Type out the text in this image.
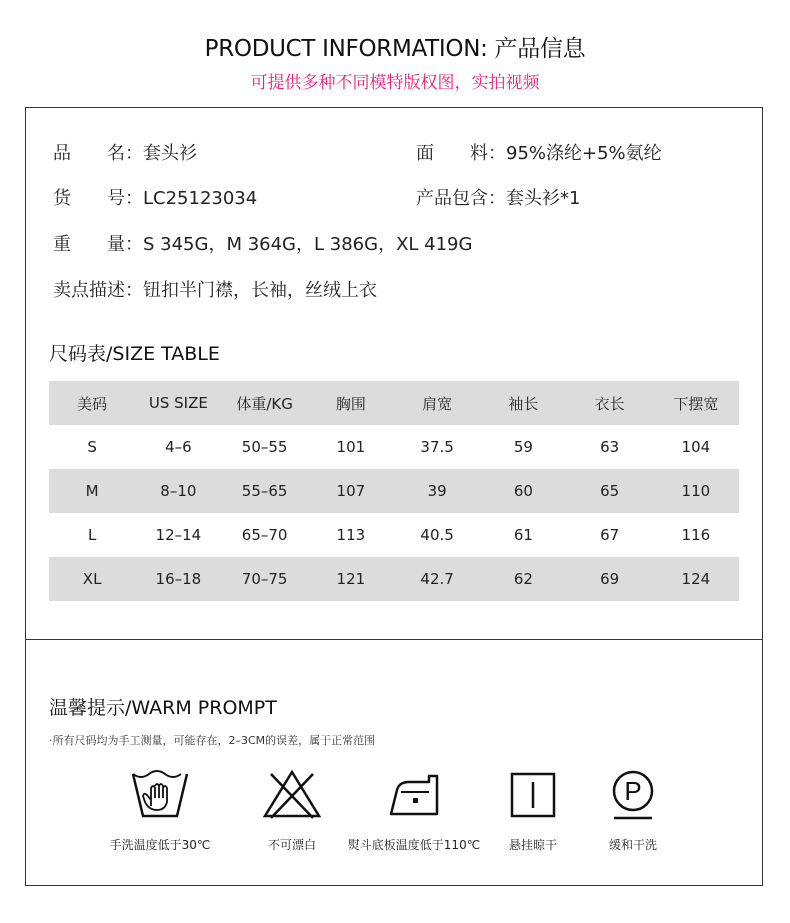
PRODUCT INFORMATION: 产品信息
可提供多种不同模特版权图，实拍视频
品　　名：套头衫	面　　料：95%涤纶+5%氨纶
货　　号：LC25123034	产品包含：套头衫*1
重　　量：S 345G，M 364G，L 386G，XL 419G
卖点描述：钮扣半门襟，长袖，丝绒上衣
尺码表/SIZE TABLE
美码	US SIZE	体重/KG	胸围	肩宽	袖长	衣长	下摆宽
S	4–6	50–55	101	37.5	59	63	104
M	8–10	55–65	107	39	60	65	110
L	12–14	65–70	113	40.5	61	67	116
XL	16–18	70–75	121	42.7	62	69	124
温馨提示/WARM PROMPT
·所有尺码均为手工测量，可能存在，2–3CM的误差，属于正常范围
手洗温度低于30℃	不可漂白	熨斗底板温度低于110℃	悬挂晾干
P
缓和干洗
